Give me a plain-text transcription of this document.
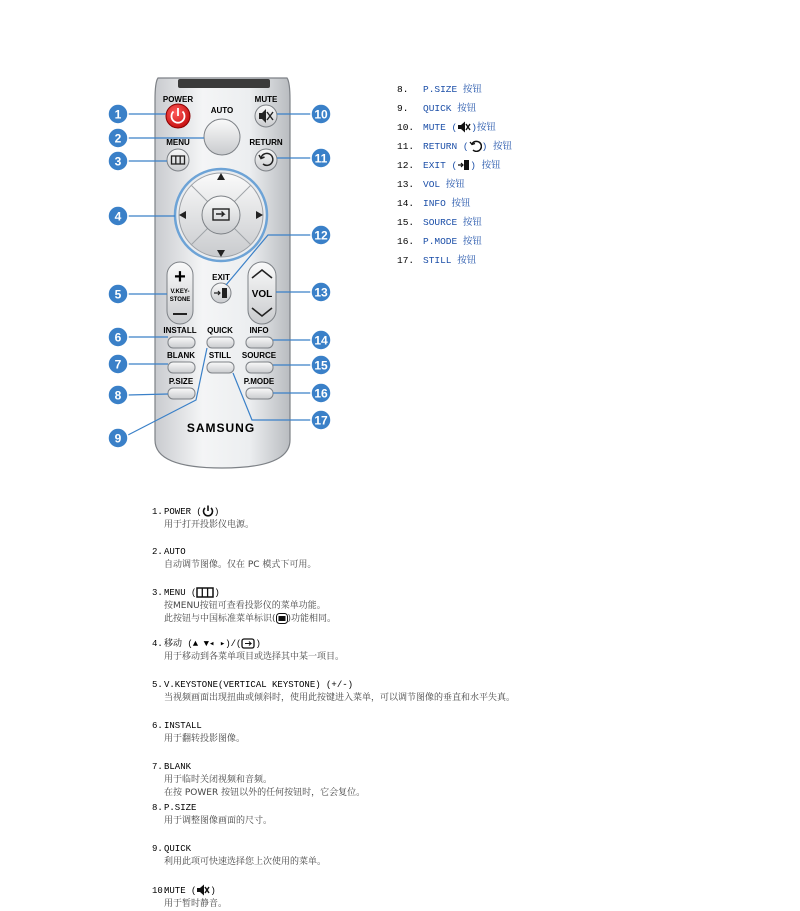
POWER
AUTO
MUTE
MENU	RETURN
+
V.KEY-
STONE
EXIT
VOL
INSTALL QUICK INFO
BLANK STILL SOURCE
P.SIZE	P.MODE
SAMSUNG
1
2
3
4
5
6
7
8
9
10
11
12
13
14
15
16
17
8. P.SIZE 按钮
9. QUICK 按钮
10. MUTE ( )按钮
11. RETURN ( ) 按钮
12. EXIT ( ) 按钮
13. VOL 按钮
14. INFO 按钮
15. SOURCE 按钮
16. P.MODE 按钮
17. STILL 按钮
1.POWER ( )
用于打开投影仪电源。
2.AUTO
自动调节图像。仅在 PC 模式下可用。
3.MENU ( )
按MENU按钮可查看投影仪的菜单功能。
此按钮与中国标准菜单标识( )功能相同。
4.移动 (▲ ▼◂ ▸)/( )
用于移动到各菜单项目或选择其中某一项目。
5.V.KEYSTONE(VERTICAL KEYSTONE) (+/-)
当视频画面出现扭曲或倾斜时，使用此按键进入菜单，可以调节图像的垂直和水平失真。
6.INSTALL
用于翻转投影图像。
7.BLANK
用于临时关闭视频和音频。
在按 POWER 按钮以外的任何按钮时，它会复位。
8.P.SIZE
用于调整图像画面的尺寸。
9.QUICK
利用此项可快速选择您上次使用的菜单。
10.MUTE ( )
用于暂时静音。
